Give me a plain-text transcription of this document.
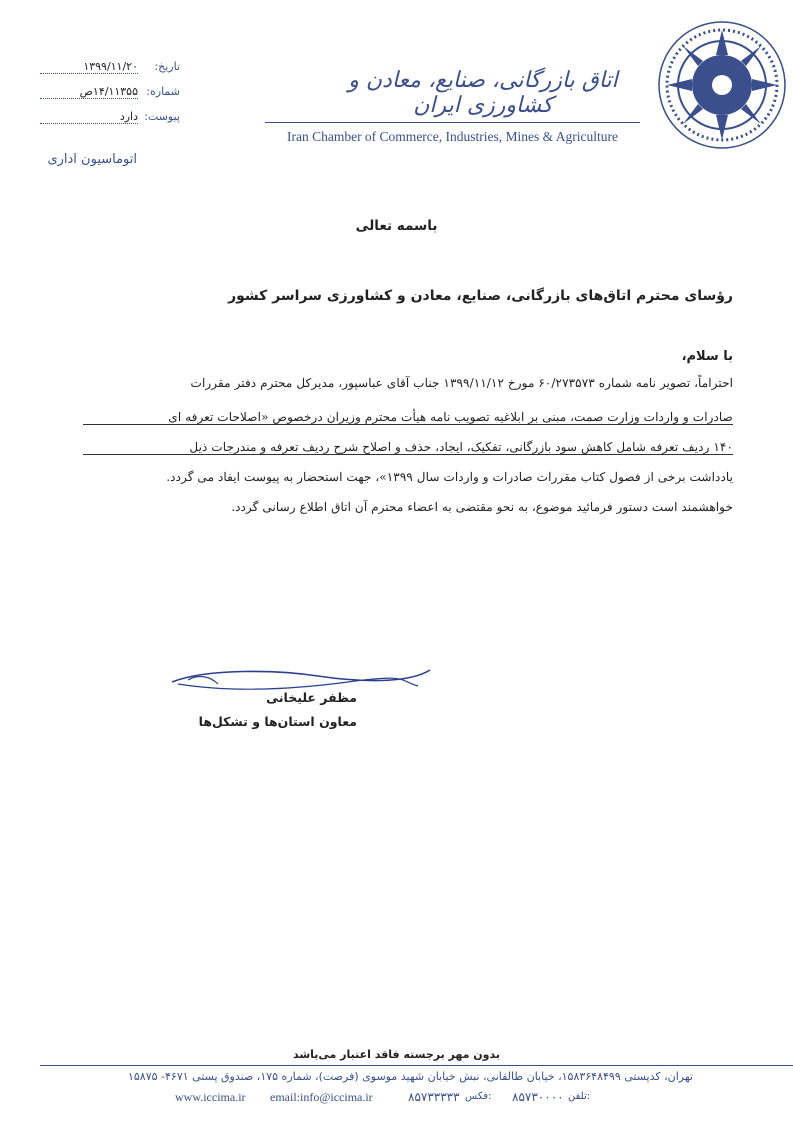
تاریخ:
۱۳۹۹/۱۱/۲۰
شماره:
۱۴/۱۱۳۵۵ص
پیوست:
دارد
اتوماسیون اداری
اتاق بازرگانی، صنایع، معادن و کشاورزی ایران
Iran Chamber of Commerce, Industries, Mines & Agriculture
باسمه تعالی
رؤسای محترم اتاق‌های بازرگانی، صنایع، معادن و کشاورزی سراسر کشور
با سلام،
احتراماً، تصویر نامه شماره ۶۰/۲۷۳۵۷۳ مورخ ۱۳۹۹/۱۱/۱۲ جناب آقای عباسپور، مدیرکل محترم دفتر مقررات
صادرات و واردات وزارت صمت، مبنی بر ابلاغیه تصویب نامه هیأت محترم وزیران درخصوص «اصلاحات تعرفه ای
۱۴۰ ردیف تعرفه شامل کاهش سود بازرگانی، تفکیک، ایجاد، حذف و اصلاح شرح ردیف تعرفه و مندرجات ذیل
یادداشت برخی از فصول کتاب مقررات صادرات و واردات سال ۱۳۹۹»، جهت استحضار به پیوست ایفاد می گردد.
خواهشمند است دستور فرمائید موضوع، به نحو مقتضی به اعضاء محترم آن اتاق اطلاع رسانی گردد.
مظفر علیخانی
معاون استان‌ها و تشکل‌ها
بدون مهر برجسته فاقد اعتبار می‌باشد
تهران، کدپستی ۱۵۸۳۶۴۸۴۹۹، خیابان طالقانی، نبش خیابان شهید موسوی (فرصت)، شماره ۱۷۵، صندوق پستی ۴۶۷۱- ۱۵۸۷۵
www.iccima.ir email:info@iccima.ir	۸۵۷۳۳۳۳۳ فکس: ۸۵۷۳۰۰۰۰ تلفن:
